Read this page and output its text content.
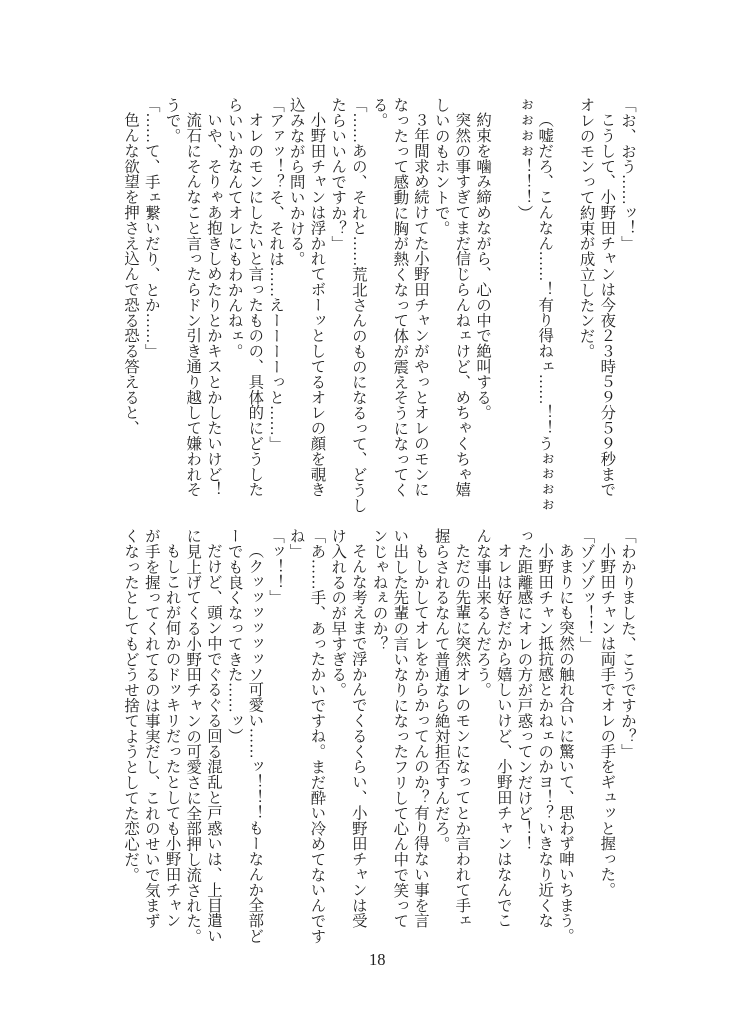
「お、おう……ッ！」

こうして、小野田チャンは今夜２３時５９分５９秒まで

オレのモンって約束が成立したンだ。

（嘘だろ、こんなん……！有り得ねェ……！！うぉぉぉぉ

ぉぉぉぉ！！！）

約束を噛み締めながら、心の中で絶叫する。

突然の事すぎてまだ信じらんねェけど、めちゃくちゃ嬉

しいのもホントで。

３年間求め続けてた小野田チャンがやっとオレのモンに

なったって感動に胸が熱くなって体が震えそうになってく

る。

「……あの、それと……荒北さんのものになるって、どうし

たらいいんですか？」

小野田チャンは浮かれてボーッとしてるオレの顔を覗き

込みながら問いかける。

「アァッ！？そ、それは……えーーーーっと……」

オレのモンにしたいと言ったものの、具体的にどうした

らいいかなんてオレにもわかんねェ。

いや、そりゃあ抱きしめたりとかキスとかしたいけど！

流石にそんなこと言ったらドン引き通り越して嫌われそ

うで。

「……て、手ェ繋いだり、とか……」

色んな欲望を押さえ込んで恐る恐る答えると、

「わかりました、こうですか？」

小野田チャンは両手でオレの手をギュッと握った。

「ゾゾゾッ！！」

あまりにも突然の触れ合いに驚いて、思わず呻いちまう。

小野田チャン抵抗感とかねェのかヨ！？いきなり近くな

った距離感にオレの方が戸惑ってンだけど！！

オレは好きだから嬉しいけど、小野田チャンはなんでこ

んな事出来るんだろう。

ただの先輩に突然オレのモンになってとか言われて手ェ

握らされるなんて普通なら絶対拒否すんだろ。

もしかしてオレをからかってんのか？有り得ない事を言

い出した先輩の言いなりになったフリして心ん中で笑って

ンじゃねぇのか？

そんな考えまで浮かんでくるくらい、小野田チャンは受

け入れるのが早すぎる。

「あ……手、あったかいですね。まだ酔い冷めてないんです

ね」

「ッ！！」

（クッッッッッッソ可愛い……ッ！！！もーなんか全部ど

ーでも良くなってきた……ッ）

だけど、頭ン中でぐるぐる回る混乱と戸惑いは、上目遣い

に見上げてくる小野田チャンの可愛さに全部押し流された。

もしこれが何かのドッキリだったとしても小野田チャン

が手を握ってくれてるのは事実だし、これのせいで気まず

くなったとしてもどうせ捨てようとしてた恋心だ。

18
